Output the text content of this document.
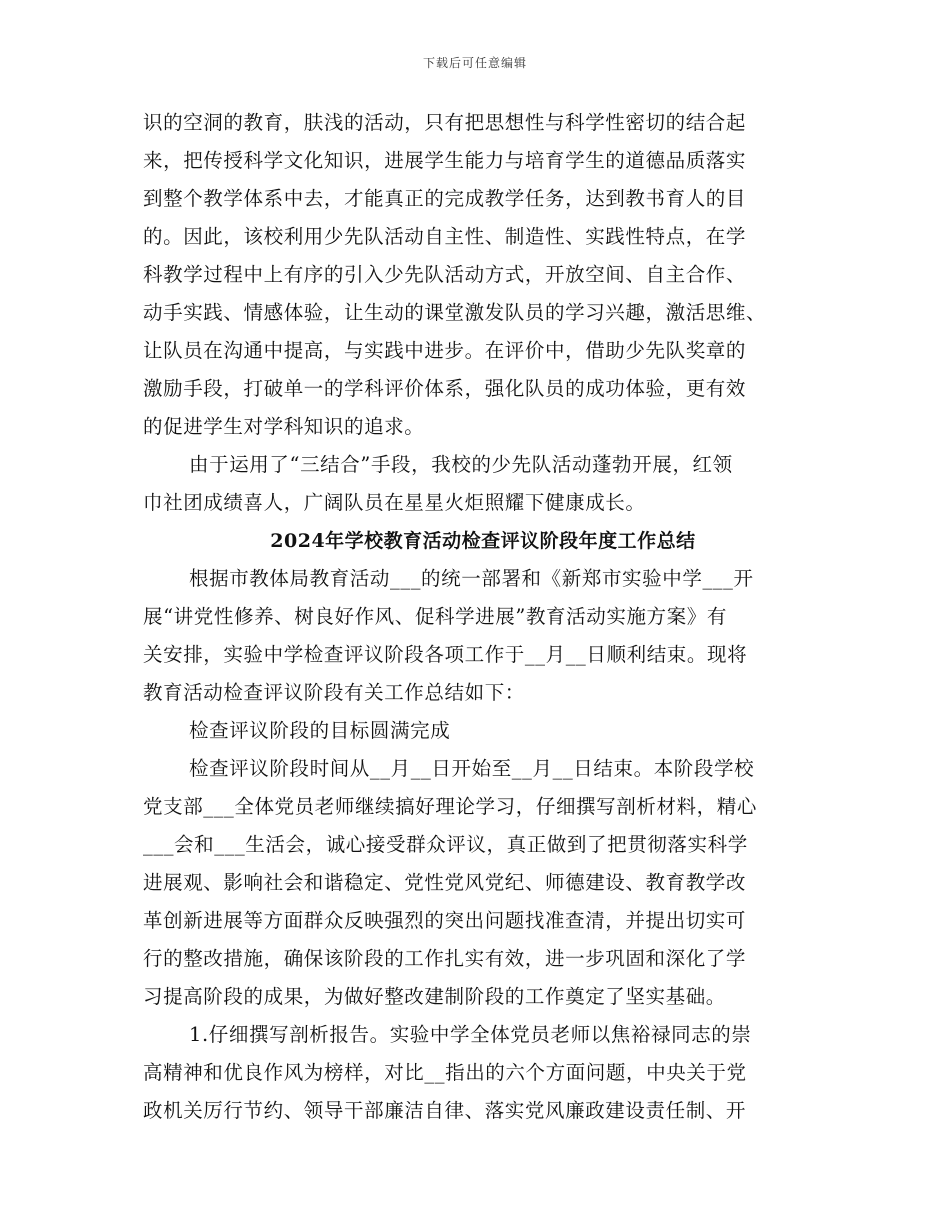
下载后可任意编辑
识的空洞的教育，肤浅的活动，只有把思想性与科学性密切的结合起
来，把传授科学文化知识，进展学生能力与培育学生的道德品质落实
到整个教学体系中去，才能真正的完成教学任务，达到教书育人的目
的。因此，该校利用少先队活动自主性、制造性、实践性特点，在学
科教学过程中上有序的引入少先队活动方式，开放空间、自主合作、
动手实践、情感体验，让生动的课堂激发队员的学习兴趣，激活思维、
让队员在沟通中提高，与实践中进步。在评价中，借助少先队奖章的
激励手段，打破单一的学科评价体系，强化队员的成功体验，更有效
的促进学生对学科知识的追求。
由于运用了“三结合”手段，我校的少先队活动蓬勃开展，红领
巾社团成绩喜人，广阔队员在星星火炬照耀下健康成长。
2024年学校教育活动检查评议阶段年度工作总结
根据市教体局教育活动___的统一部署和《新郑市实验中学___开
展“讲党性修养、树良好作风、促科学进展”教育活动实施方案》有
关安排，实验中学检查评议阶段各项工作于__月__日顺利结束。现将
教育活动检查评议阶段有关工作总结如下：
检查评议阶段的目标圆满完成
检查评议阶段时间从__月__日开始至__月__日结束。本阶段学校
党支部___全体党员老师继续搞好理论学习，仔细撰写剖析材料，精心
___会和___生活会，诚心接受群众评议，真正做到了把贯彻落实科学
进展观、影响社会和谐稳定、党性党风党纪、师德建设、教育教学改
革创新进展等方面群众反映强烈的突出问题找准查清，并提出切实可
行的整改措施，确保该阶段的工作扎实有效，进一步巩固和深化了学
习提高阶段的成果，为做好整改建制阶段的工作奠定了坚实基础。
1.仔细撰写剖析报告。实验中学全体党员老师以焦裕禄同志的崇
高精神和优良作风为榜样，对比__指出的六个方面问题，中央关于党
政机关厉行节约、领导干部廉洁自律、落实党风廉政建设责任制、开
